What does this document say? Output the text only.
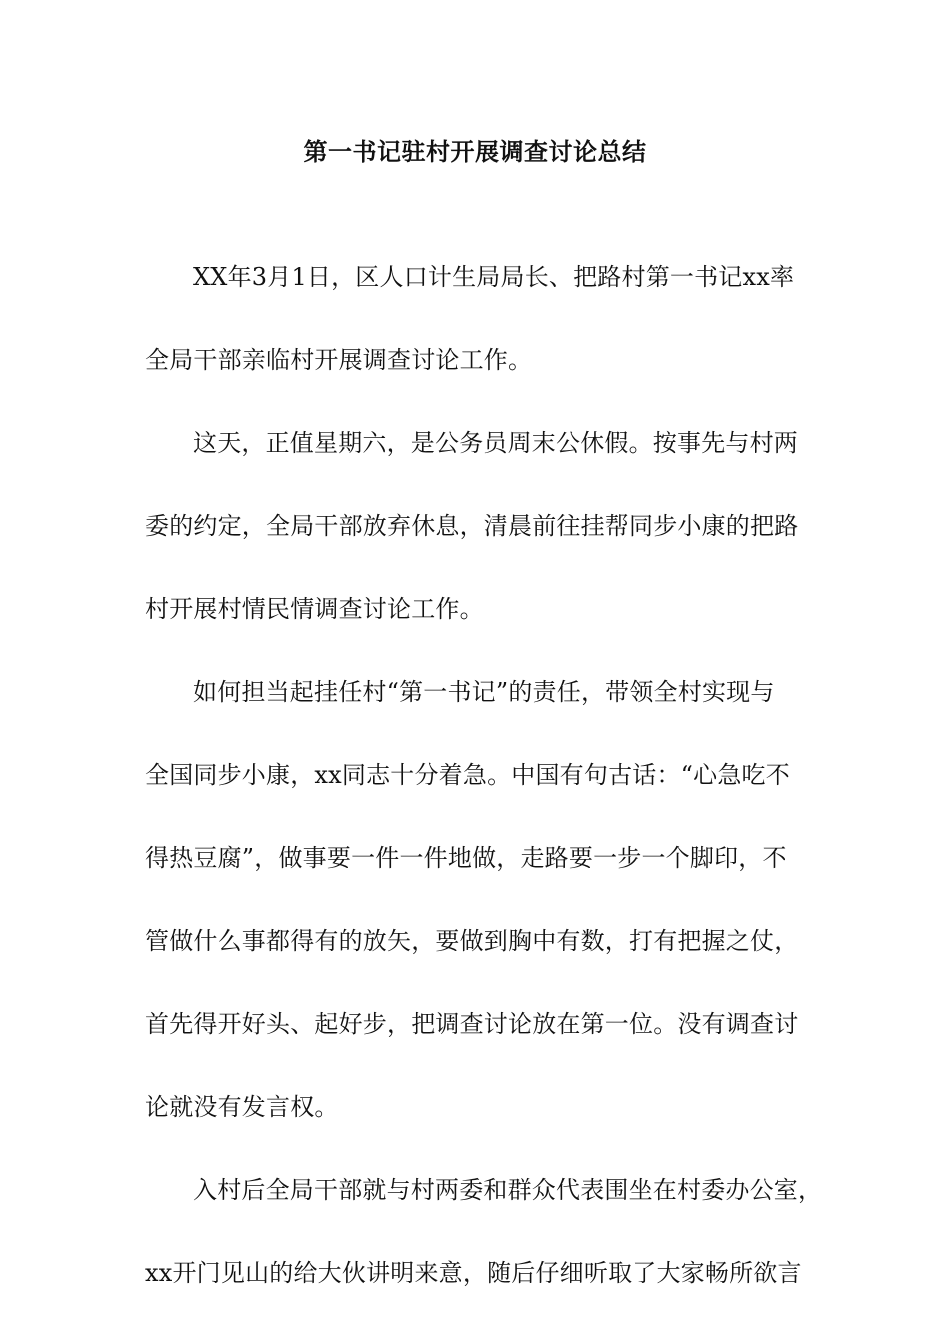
第一书记驻村开展调查讨论总结
XX年3月1日，区人口计生局局长、把路村第一书记xx率
全局干部亲临村开展调查讨论工作。
这天，正值星期六，是公务员周末公休假。按事先与村两
委的约定，全局干部放弃休息，清晨前往挂帮同步小康的把路
村开展村情民情调查讨论工作。
如何担当起挂任村“第一书记”的责任，带领全村实现与
全国同步小康，xx同志十分着急。中国有句古话：“心急吃不
得热豆腐”，做事要一件一件地做，走路要一步一个脚印，不
管做什么事都得有的放矢，要做到胸中有数，打有把握之仗，
首先得开好头、起好步，把调查讨论放在第一位。没有调查讨
论就没有发言权。
入村后全局干部就与村两委和群众代表围坐在村委办公室，
xx开门见山的给大伙讲明来意，随后仔细听取了大家畅所欲言
